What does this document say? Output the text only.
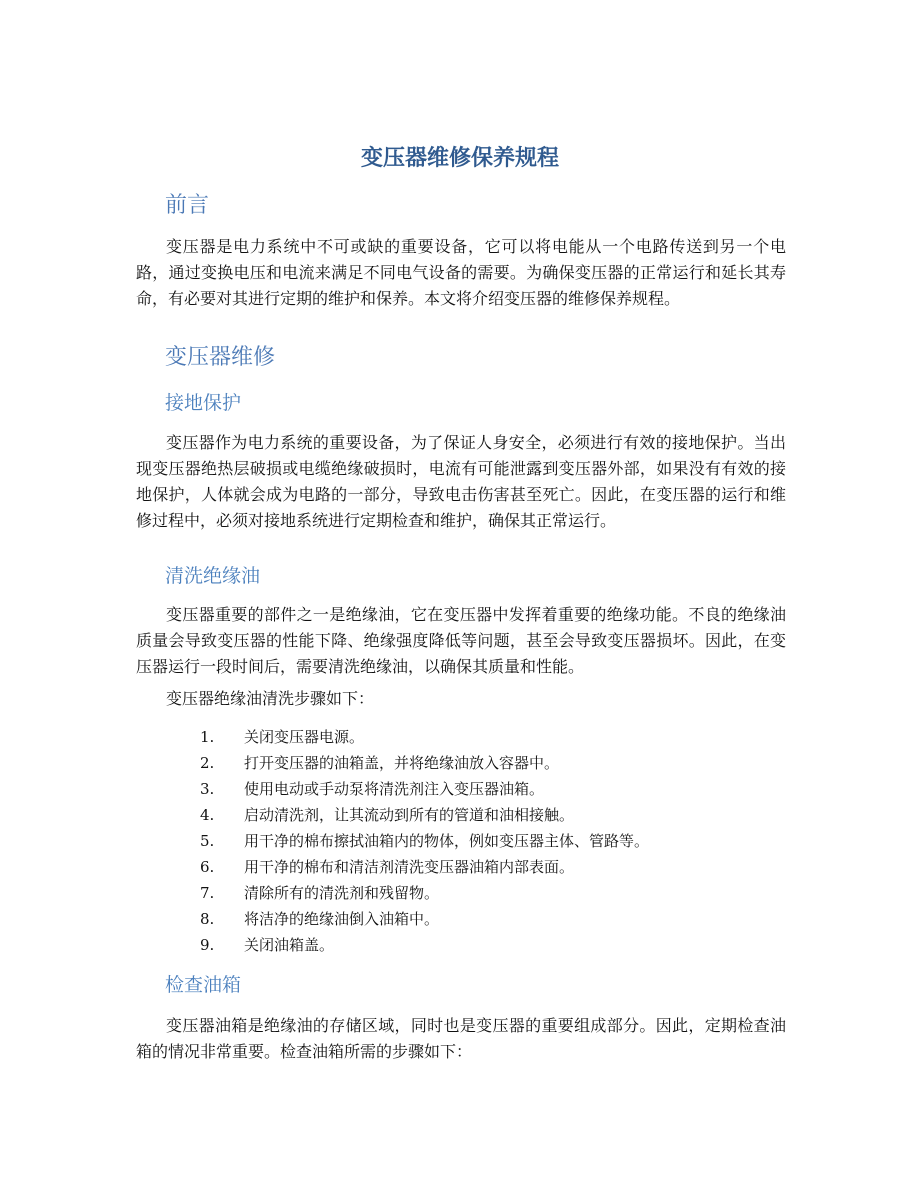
变压器维修保养规程
前言

变压器是电力系统中不可或缺的重要设备，它可以将电能从一个电路传送到另一个电路，通过变换电压和电流来满足不同电气设备的需要。为确保变压器的正常运行和延长其寿命，有必要对其进行定期的维护和保养。本文将介绍变压器的维修保养规程。

变压器维修
接地保护

变压器作为电力系统的重要设备，为了保证人身安全，必须进行有效的接地保护。当出现变压器绝热层破损或电缆绝缘破损时，电流有可能泄露到变压器外部，如果没有有效的接地保护，人体就会成为电路的一部分，导致电击伤害甚至死亡。因此，在变压器的运行和维修过程中，必须对接地系统进行定期检查和维护，确保其正常运行。

清洗绝缘油

变压器重要的部件之一是绝缘油，它在变压器中发挥着重要的绝缘功能。不良的绝缘油质量会导致变压器的性能下降、绝缘强度降低等问题，甚至会导致变压器损坏。因此，在变压器运行一段时间后，需要清洗绝缘油，以确保其质量和性能。

变压器绝缘油清洗步骤如下：

1.	关闭变压器电源。
2.	打开变压器的油箱盖，并将绝缘油放入容器中。
3.	使用电动或手动泵将清洗剂注入变压器油箱。
4.	启动清洗剂，让其流动到所有的管道和油相接触。
5.	用干净的棉布擦拭油箱内的物体，例如变压器主体、管路等。
6.	用干净的棉布和清洁剂清洗变压器油箱内部表面。
7.	清除所有的清洗剂和残留物。
8.	将洁净的绝缘油倒入油箱中。
9.	关闭油箱盖。
检查油箱

变压器油箱是绝缘油的存储区域，同时也是变压器的重要组成部分。因此，定期检查油箱的情况非常重要。检查油箱所需的步骤如下：
